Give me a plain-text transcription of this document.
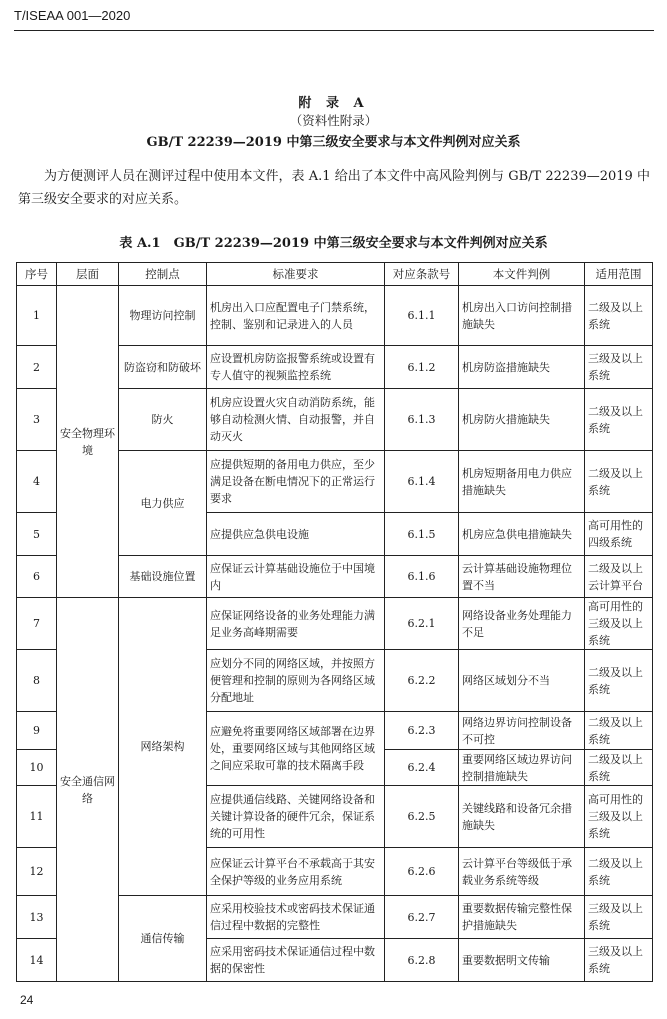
T/ISEAA 001—2020
附 录 A
（资料性附录）
GB/T 22239—2019 中第三级安全要求与本文件判例对应关系

为方便测评人员在测评过程中使用本文件，表 A.1 给出了本文件中高风险判例与 GB/T 22239—2019 中第三级安全要求的对应关系。

表 A.1　GB/T 22239—2019 中第三级安全要求与本文件判例对应关系
序号	层面	控制点	标准要求	对应条款号	本文件判例	适用范围
1	安全物理环境	物理访问控制	机房出入口应配置电子门禁系统，控制、鉴别和记录进入的人员	6.1.1	机房出入口访问控制措施缺失	二级及以上系统
2		防盗窃和防破坏	应设置机房防盗报警系统或设置有专人值守的视频监控系统	6.1.2	机房防盗措施缺失	三级及以上系统
3		防火	机房应设置火灾自动消防系统，能够自动检测火情、自动报警，并自动灭火	6.1.3	机房防火措施缺失	二级及以上系统
4		电力供应	应提供短期的备用电力供应，至少满足设备在断电情况下的正常运行要求	6.1.4	机房短期备用电力供应措施缺失	二级及以上系统
5			应提供应急供电设施	6.1.5	机房应急供电措施缺失	高可用性的四级系统
6		基础设施位置	应保证云计算基础设施位于中国境内	6.1.6	云计算基础设施物理位置不当	二级及以上云计算平台
7	安全通信网络	网络架构	应保证网络设备的业务处理能力满足业务高峰期需要	6.2.1	网络设备业务处理能力不足	高可用性的三级及以上系统
8			应划分不同的网络区域，并按照方便管理和控制的原则为各网络区域分配地址	6.2.2	网络区域划分不当	二级及以上系统
9			应避免将重要网络区域部署在边界处，重要网络区域与其他网络区域之间应采取可靠的技术隔离手段	6.2.3	网络边界访问控制设备不可控	二级及以上系统
10				6.2.4	重要网络区域边界访问控制措施缺失	二级及以上系统
11			应提供通信线路、关键网络设备和关键计算设备的硬件冗余，保证系统的可用性	6.2.5	关键线路和设备冗余措施缺失	高可用性的三级及以上系统
12			应保证云计算平台不承载高于其安全保护等级的业务应用系统	6.2.6	云计算平台等级低于承载业务系统等级	二级及以上系统
13		通信传输	应采用校验技术或密码技术保证通信过程中数据的完整性	6.2.7	重要数据传输完整性保护措施缺失	三级及以上系统
14			应采用密码技术保证通信过程中数据的保密性	6.2.8	重要数据明文传输	三级及以上系统
24
